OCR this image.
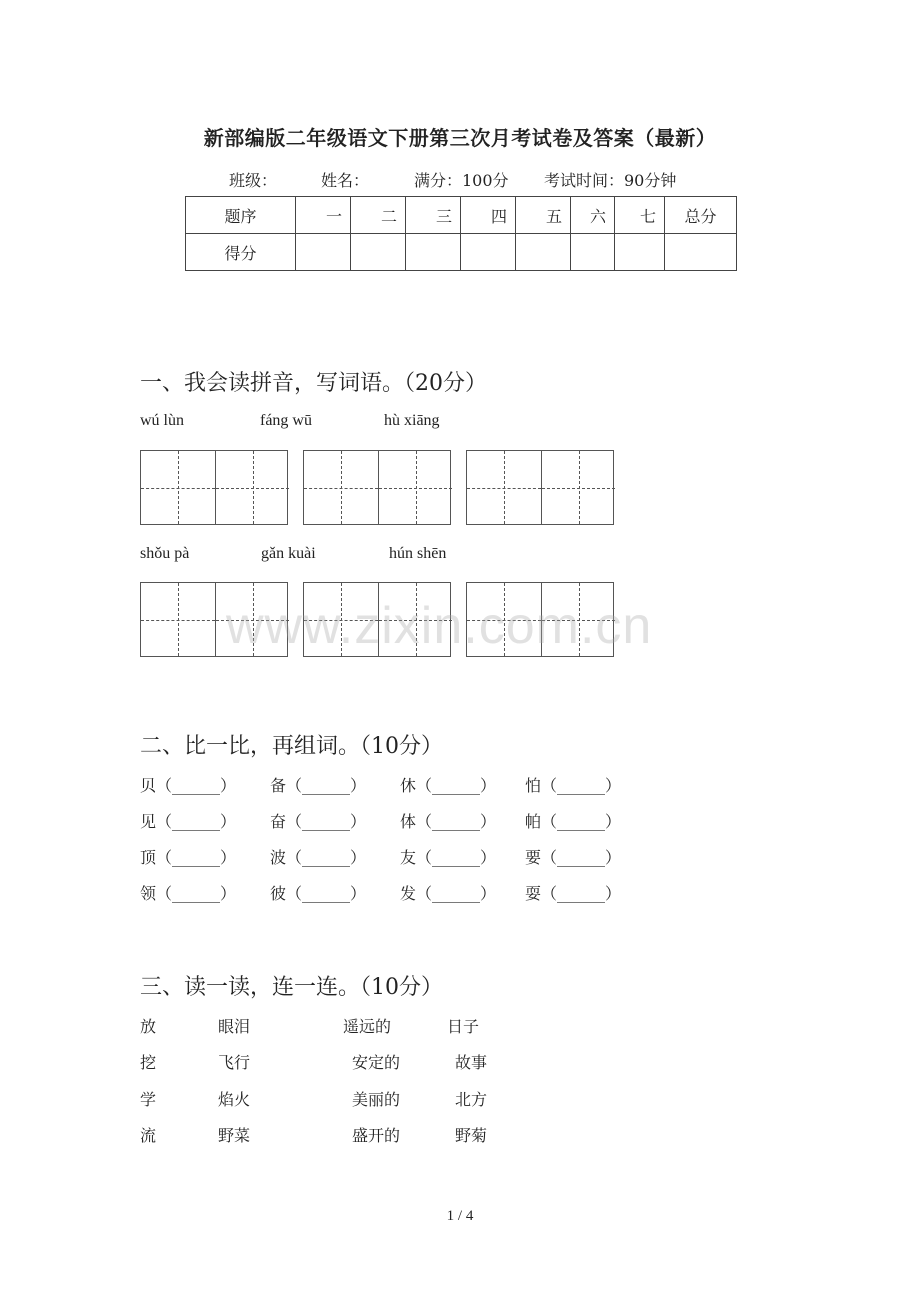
新部编版二年级语文下册第三次月考试卷及答案（最新）
班级：	姓名：	满分：100分 考试时间：90分钟
题序	一	二	三	四	五	六	七	总分
得分								
一、我会读拼音，写词语。（20分）
wú lùn	fáng wū	hù xiāng
shǒu pà	gǎn kuài	hún shēn
www.zixin.com.cn
二、比一比，再组词。（10分）
贝（______） 备（______） 休（______） 怕（______）
见（______） 奋（______） 体（______） 帕（______）
顶（______） 波（______） 友（______） 要（______）
领（______） 彼（______） 发（______） 耍（______）
三、读一读，连一连。（10分）
放	眼泪	遥远的	日子
挖	飞行	安定的	故事
学	焰火	美丽的	北方
流	野菜	盛开的	野菊
1 / 4
